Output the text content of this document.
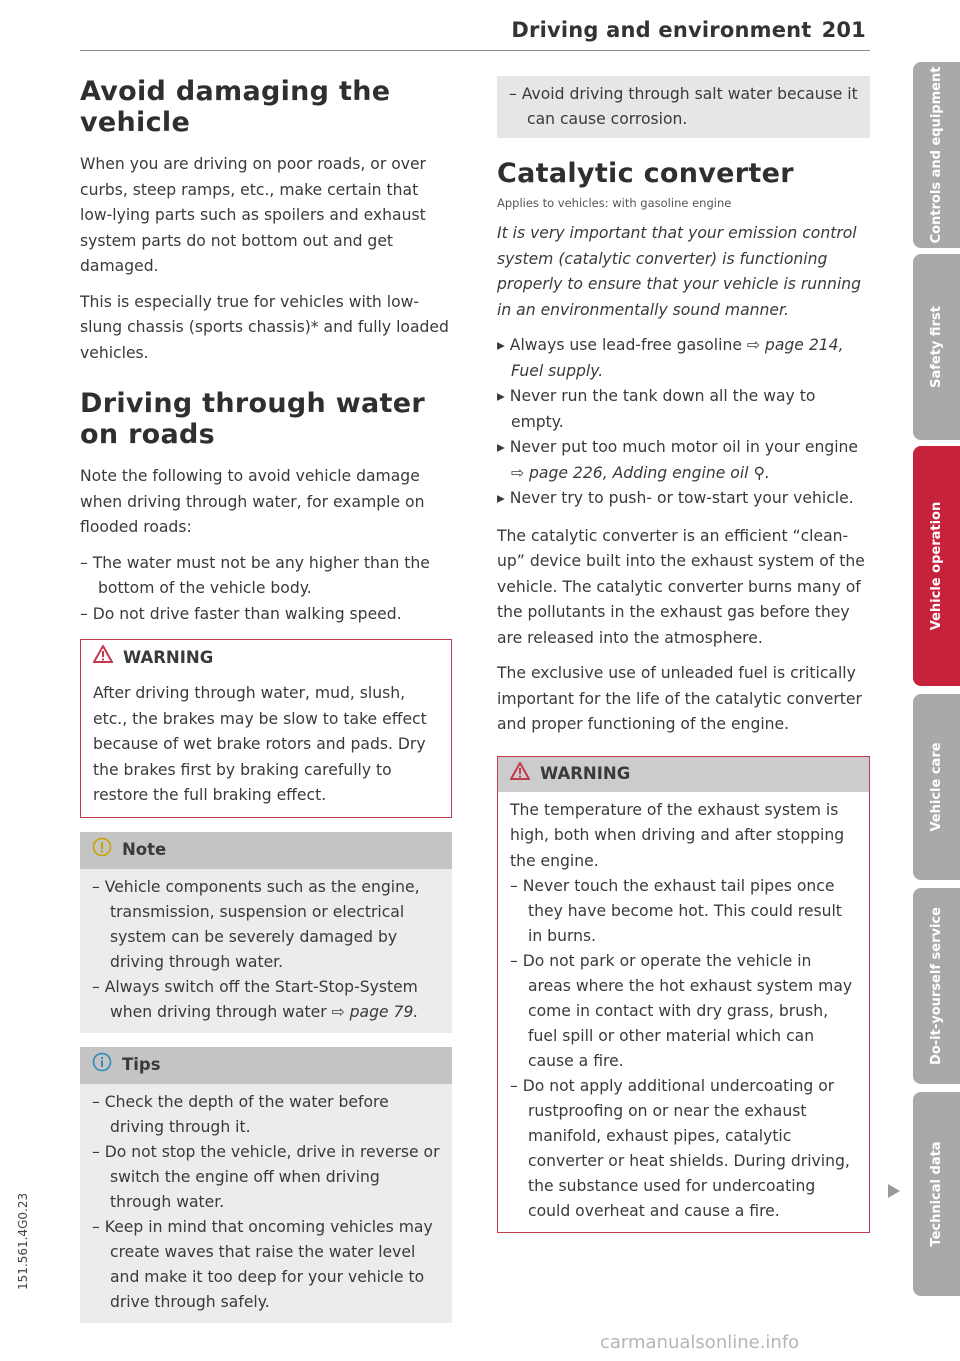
Driving and environment 201
Avoid damaging the vehicle

When you are driving on poor roads, or over curbs, steep ramps, etc., make certain that low-lying parts such as spoilers and exhaust system parts do not bottom out and get damaged.

This is especially true for vehicles with low-slung chassis (sports chassis)* and fully loaded vehicles.

Driving through water on roads

Note the following to avoid vehicle damage when driving through water, for example on flooded roads:

– The water must not be any higher than the bottom of the vehicle body.
– Do not drive faster than walking speed.
WARNING

After driving through water, mud, slush, etc., the brakes may be slow to take effect because of wet brake rotors and pads. Dry the brakes first by braking carefully to restore the full braking effect.

Note
– Vehicle components such as the engine, transmission, suspension or electrical system can be severely damaged by driving through water.
– Always switch off the Start-Stop-System when driving through water ⇨ page 79.
Tips
– Check the depth of the water before driving through it.
– Do not stop the vehicle, drive in reverse or switch the engine off when driving through water.
– Keep in mind that oncoming vehicles may create waves that raise the water level and make it too deep for your vehicle to drive through safely.
– Avoid driving through salt water because it can cause corrosion.
Catalytic converter

Applies to vehicles: with gasoline engine

It is very important that your emission control system (catalytic converter) is functioning properly to ensure that your vehicle is running in an environmentally sound manner.

▸ Always use lead-free gasoline ⇨ page 214, Fuel supply.
▸ Never run the tank down all the way to empty.
▸ Never put too much motor oil in your engine ⇨ page 226, Adding engine oil ⚲.
▸ Never try to push- or tow-start your vehicle.

The catalytic converter is an efficient “clean-up” device built into the exhaust system of the vehicle. The catalytic converter burns many of the pollutants in the exhaust gas before they are released into the atmosphere.

The exclusive use of unleaded fuel is critically important for the life of the catalytic converter and proper functioning of the engine.

WARNING

The temperature of the exhaust system is high, both when driving and after stopping the engine.

– Never touch the exhaust tail pipes once they have become hot. This could result in burns.
– Do not park or operate the vehicle in areas where the hot exhaust system may come in contact with dry grass, brush, fuel spill or other material which can cause a fire.
– Do not apply additional undercoating or rustproofing on or near the exhaust manifold, exhaust pipes, catalytic converter or heat shields. During driving, the substance used for undercoating could overheat and cause a fire.
Controls and equipment
Safety first
Vehicle operation
Vehicle care
Do-it-yourself service
Technical data
151.561.4G0.23
carmanualsonline.info
